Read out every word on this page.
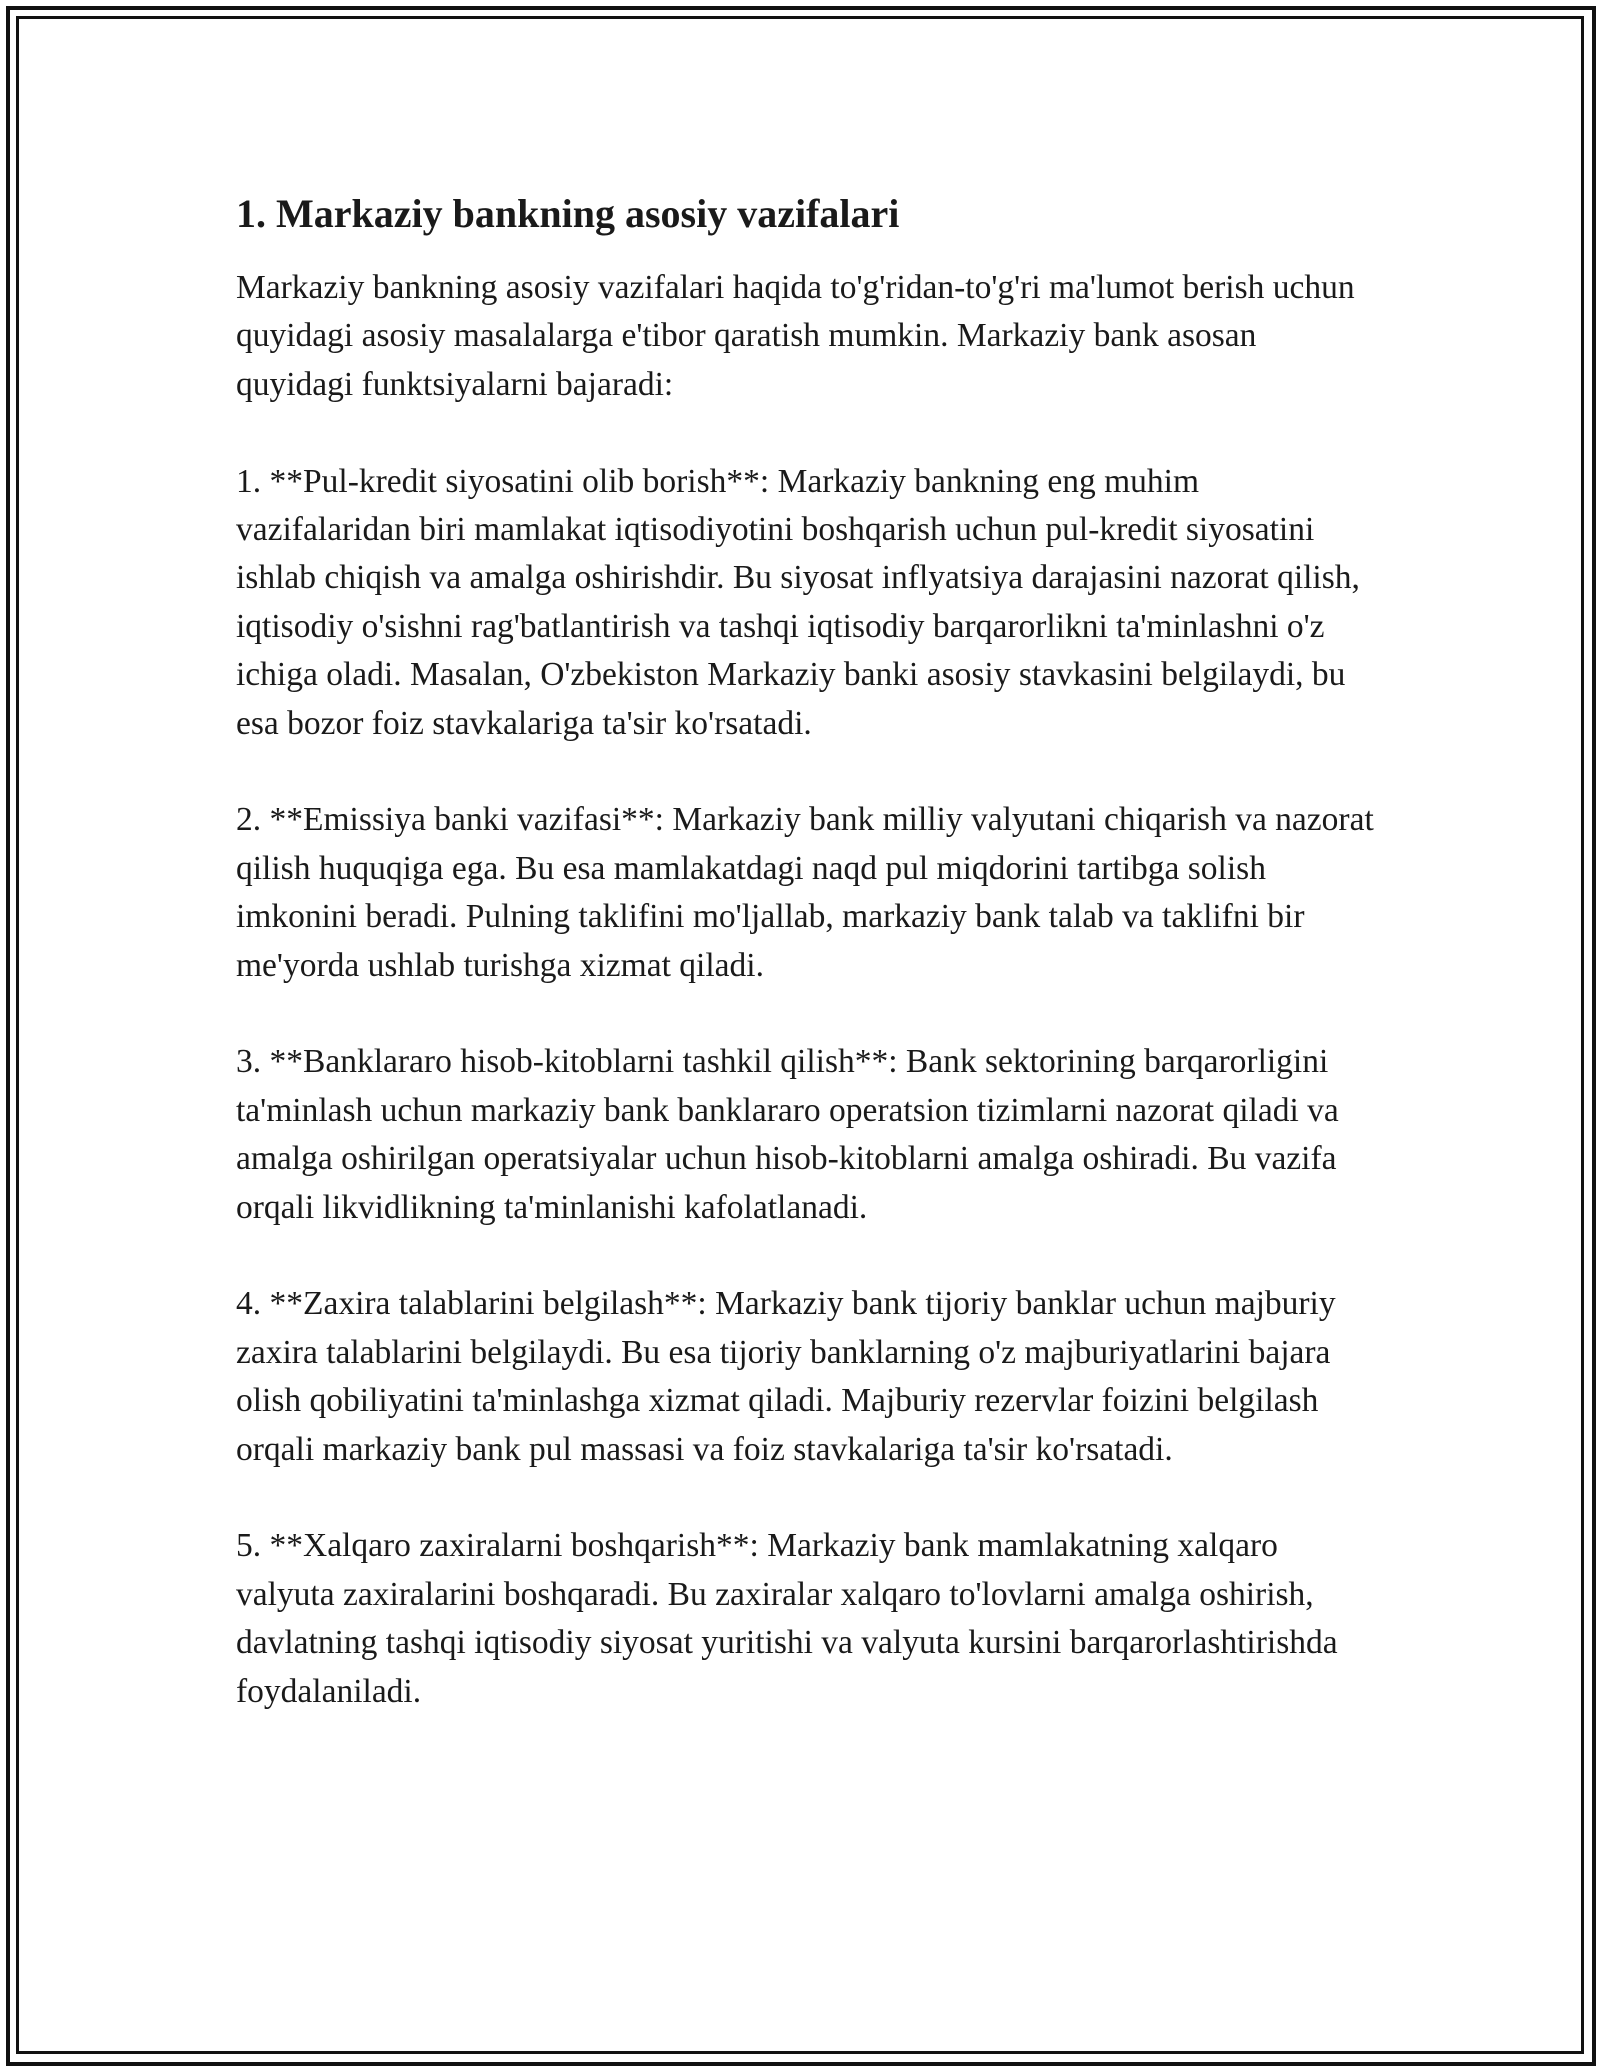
1. Markaziy bankning asosiy vazifalari

Markaziy bankning asosiy vazifalari haqida to'g'ridan-to'g'ri ma'lumot berish uchun quyidagi asosiy masalalarga e'tibor qaratish mumkin. Markaziy bank asosan quyidagi funktsiyalarni bajaradi:

1. **Pul-kredit siyosatini olib borish**: Markaziy bankning eng muhim vazifalaridan biri mamlakat iqtisodiyotini boshqarish uchun pul-kredit siyosatini ishlab chiqish va amalga oshirishdir. Bu siyosat inflyatsiya darajasini nazorat qilish, iqtisodiy o'sishni rag'batlantirish va tashqi iqtisodiy barqarorlikni ta'minlashni o'z ichiga oladi. Masalan, O'zbekiston Markaziy banki asosiy stavkasini belgilaydi, bu esa bozor foiz stavkalariga ta'sir ko'rsatadi.

2. **Emissiya banki vazifasi**: Markaziy bank milliy valyutani chiqarish va nazorat qilish huquqiga ega. Bu esa mamlakatdagi naqd pul miqdorini tartibga solish imkonini beradi. Pulning taklifini mo'ljallab, markaziy bank talab va taklifni bir me'yorda ushlab turishga xizmat qiladi.

3. **Banklararo hisob-kitoblarni tashkil qilish**: Bank sektorining barqarorligini ta'minlash uchun markaziy bank banklararo operatsion tizimlarni nazorat qiladi va amalga oshirilgan operatsiyalar uchun hisob-kitoblarni amalga oshiradi. Bu vazifa orqali likvidlikning ta'minlanishi kafolatlanadi.

4. **Zaxira talablarini belgilash**: Markaziy bank tijoriy banklar uchun majburiy zaxira talablarini belgilaydi. Bu esa tijoriy banklarning o'z majburiyatlarini bajara olish qobiliyatini ta'minlashga xizmat qiladi. Majburiy rezervlar foizini belgilash orqali markaziy bank pul massasi va foiz stavkalariga ta'sir ko'rsatadi.

5. **Xalqaro zaxiralarni boshqarish**: Markaziy bank mamlakatning xalqaro valyuta zaxiralarini boshqaradi. Bu zaxiralar xalqaro to'lovlarni amalga oshirish, davlatning tashqi iqtisodiy siyosat yuritishi va valyuta kursini barqarorlashtirishda foydalaniladi.
